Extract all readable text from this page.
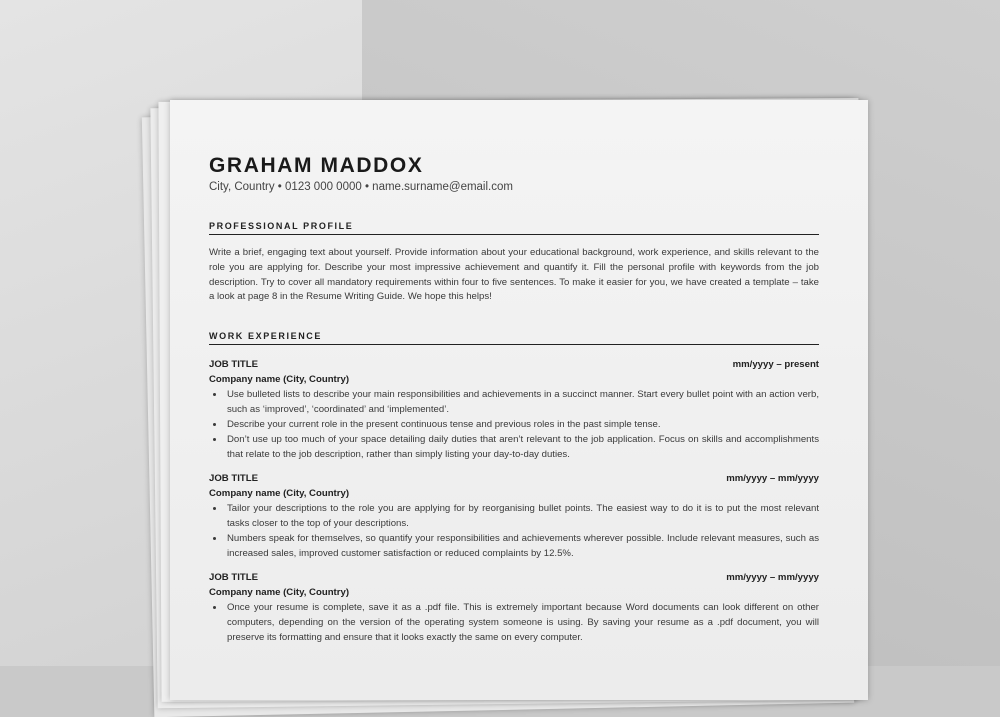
GRAHAM MADDOX
City, Country • 0123 000 0000 • name.surname@email.com
PROFESSIONAL PROFILE

Write a brief, engaging text about yourself. Provide information about your educational background, work experience, and skills relevant to the role you are applying for. Describe your most impressive achievement and quantify it. Fill the personal profile with keywords from the job description. Try to cover all mandatory requirements within four to five sentences. To make it easier for you, we have created a template – take a look at page 8 in the Resume Writing Guide. We hope this helps!

WORK EXPERIENCE
JOB TITLE	mm/yyyy – present
Company name (City, Country)
• Use bulleted lists to describe your main responsibilities and achievements in a succinct manner. Start every bullet point with an action verb, such as ‘improved’, ‘coordinated’ and ‘implemented’.
• Describe your current role in the present continuous tense and previous roles in the past simple tense.
• Don’t use up too much of your space detailing daily duties that aren’t relevant to the job application. Focus on skills and accomplishments that relate to the job description, rather than simply listing your day-to-day duties.
JOB TITLE	mm/yyyy – mm/yyyy
Company name (City, Country)
• Tailor your descriptions to the role you are applying for by reorganising bullet points. The easiest way to do it is to put the most relevant tasks closer to the top of your descriptions.
• Numbers speak for themselves, so quantify your responsibilities and achievements wherever possible. Include relevant measures, such as increased sales, improved customer satisfaction or reduced complaints by 12.5%.
JOB TITLE	mm/yyyy – mm/yyyy
Company name (City, Country)
• Once your resume is complete, save it as a .pdf file. This is extremely important because Word documents can look different on other computers, depending on the version of the operating system someone is using. By saving your resume as a .pdf document, you will preserve its formatting and ensure that it looks exactly the same on every computer.
